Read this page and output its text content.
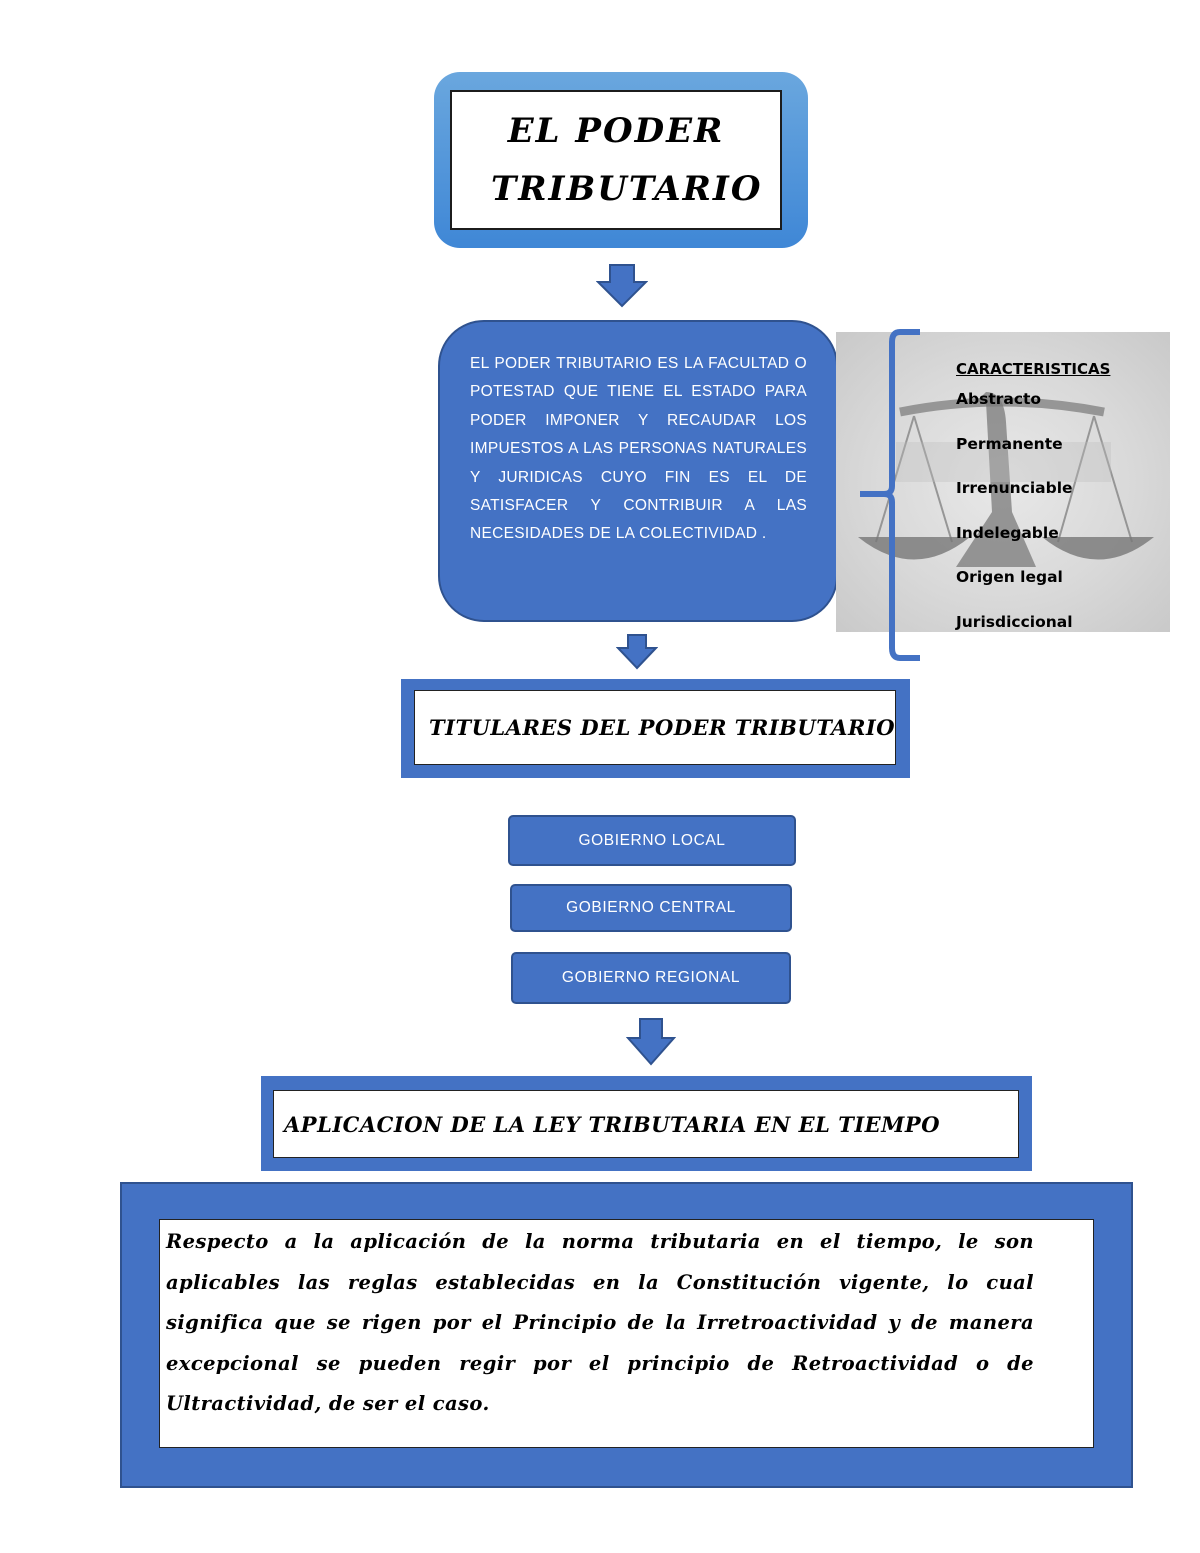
EL PODER TRIBUTARIO
EL PODER TRIBUTARIO ES LA FACULTAD O POTESTAD QUE TIENE EL ESTADO PARA PODER IMPONER Y RECAUDAR LOS IMPUESTOS A LAS PERSONAS NATURALES Y JURIDICAS CUYO FIN ES EL DE SATISFACER Y CONTRIBUIR A LAS NECESIDADES DE LA COLECTIVIDAD .
CARACTERISTICAS
Abstracto
Permanente
Irrenunciable
Indelegable
Origen legal
Jurisdiccional
TITULARES DEL PODER TRIBUTARIO
GOBIERNO LOCAL
GOBIERNO CENTRAL
GOBIERNO REGIONAL
APLICACION DE LA LEY TRIBUTARIA EN EL TIEMPO
Respecto a la aplicación de la norma tributaria en el tiempo, le son aplicables las reglas establecidas en la Constitución vigente, lo cual significa que se rigen por el Principio de la Irretroactividad y de manera excepcional se pueden regir por el principio de Retroactividad o de Ultractividad, de ser el caso.
